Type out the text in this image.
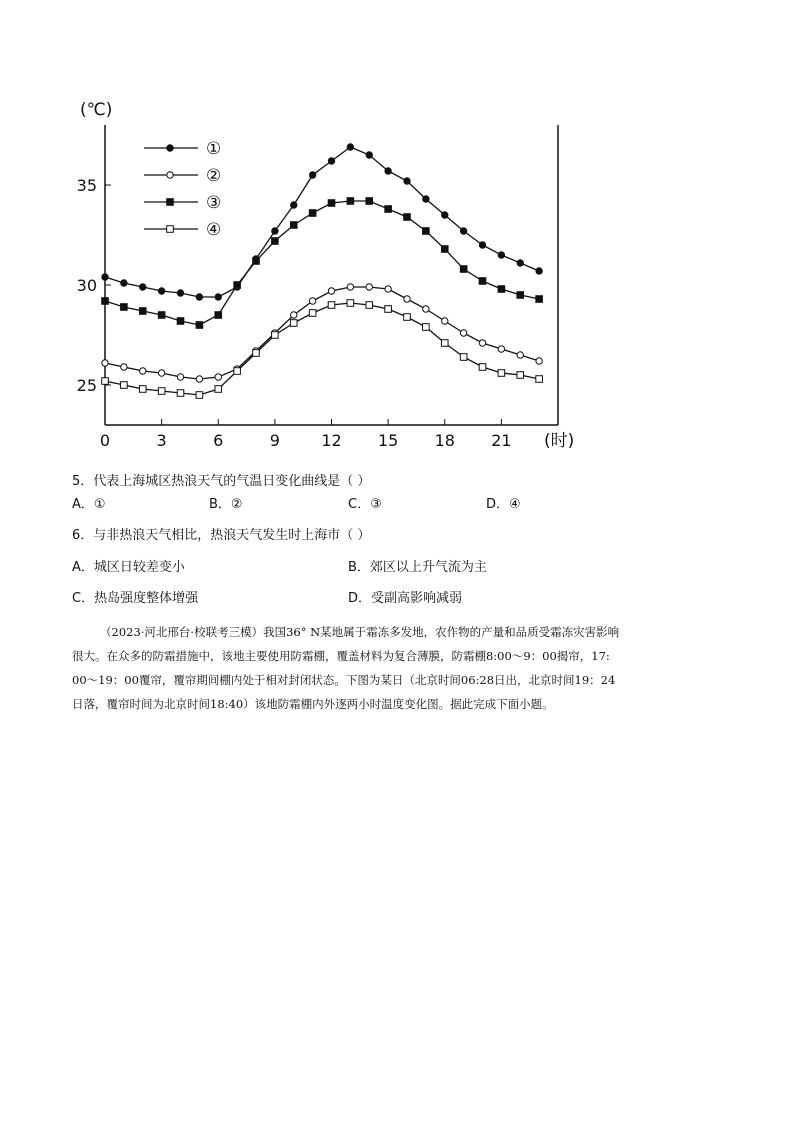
(℃)
25
30
35
0	3	6	9	12 15 18 21 (时)
①
②
③
④
5．代表上海城区热浪天气的气温日变化曲线是（ ）
A．①	B．②	C．③	D．④
6．与非热浪天气相比，热浪天气发生时上海市（ ）
A．城区日较差变小	B．郊区以上升气流为主
C．热岛强度整体增强	D．受副高影响减弱
（2023·河北邢台·校联考三模）我国36° N某地属于霜冻多发地，农作物的产量和品质受霜冻灾害影响
很大。在众多的防霜措施中，该地主要使用防霜棚，覆盖材料为复合薄膜，防霜棚8:00～9：00揭帘，17:
00～19：00覆帘，覆帘期间棚内处于相对封闭状态。下图为某日（北京时间06:28日出，北京时间19：24
日落，覆帘时间为北京时间18:40）该地防霜棚内外逐两小时温度变化图。据此完成下面小题。
